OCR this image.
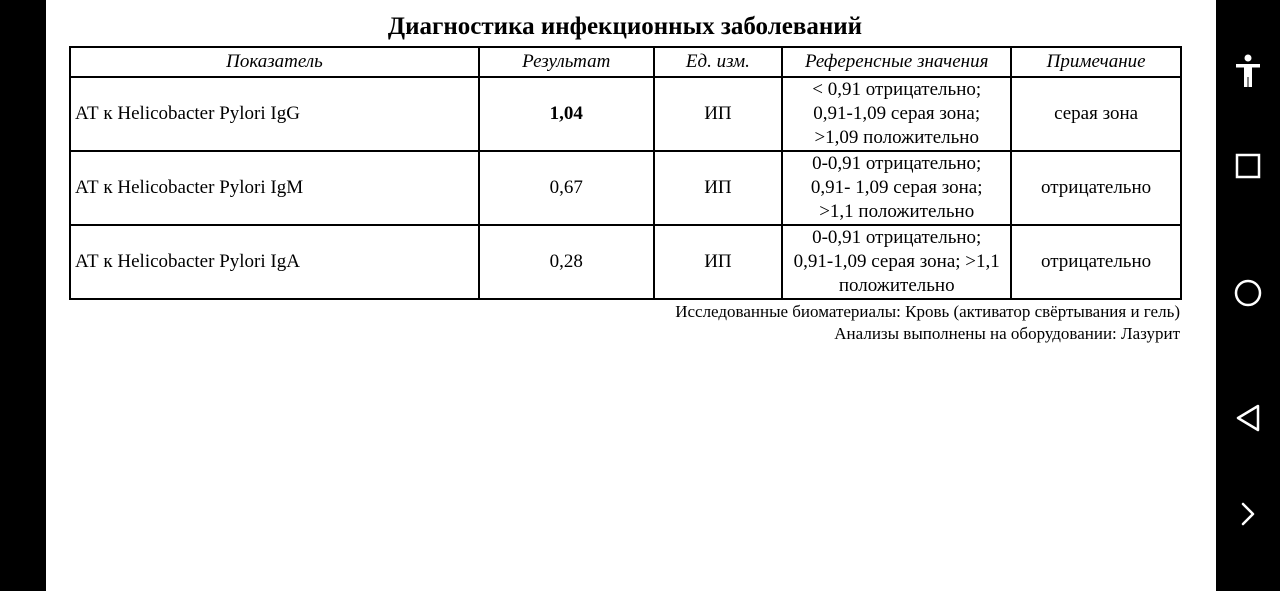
Диагностика инфекционных заболеваний
Показатель	Результат	Ед. изм.	Референсные значения	Примечание
АТ к Helicobacter Pylori IgG	1,04	ИП	< 0,91 отрицательно;
0,91-1,09 серая зона;
>1,09 положительно	серая зона
АТ к Helicobacter Pylori IgM	0,67	ИП	0-0,91 отрицательно;
0,91- 1,09 серая зона;
>1,1 положительно	отрицательно
АТ к Helicobacter Pylori IgA	0,28	ИП	0-0,91 отрицательно;
0,91-1,09 серая зона; >1,1
положительно	отрицательно
Исследованные биоматериалы: Кровь (активатор свёртывания и гель)
Анализы выполнены на оборудовании: Лазурит
